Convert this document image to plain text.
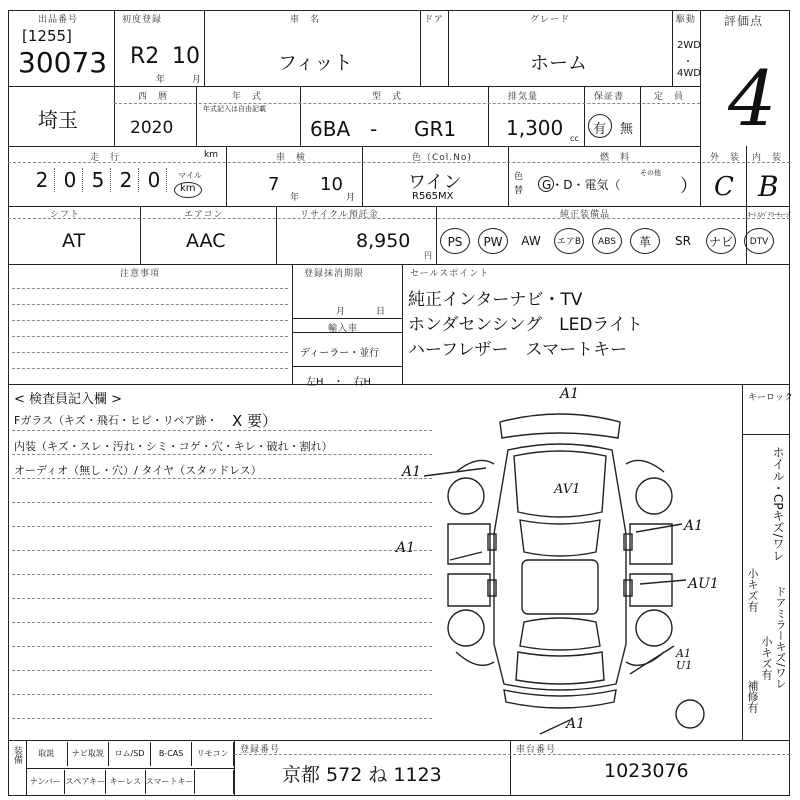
出品番号
[1255]
30073
初度登録
R2 10
年	月
車　名
フィット
ドア	グレード
ホーム
駆動
2WD
・
4WD
評価点
4
埼玉
西　暦
2020
年　式
年式記入は自由記載
型　式
6BA - GR1
排気量
1,300 cc
保証書
有 無
定　員
走　行
2 0 5 2 0	マイル
km
km	車　検
7
年
10
月
色（Col.No)
ワイン
R565MX
色
替
燃　料
G・D・電気（
その他
）
外　装 内　装
C B
シフト
AT
エアコン
AAC
リサイクル預託金
8,950
円
純正装備品
PS	PW	AW	エアB	ABS	革	SR	ナビ	DTV
ｷｰﾚｽ/ﾊﾞﾃﾘｰﾁｪｰｼﾞ
注意事項	登録抹消期限
月	日
輸入車
ディーラー・並行
左H　・　右H
セールスポイント
純正インターナビ・TV
ホンダセンシング　LEDライト
ハーフレザー　スマートキー
< 検査員記入欄 >
Fガラス（キズ・飛石・ヒビ・リペア跡・ X 要）
内装（キズ・スレ・汚れ・シミ・コゲ・穴・キレ・破れ・割れ）
オーディオ（無し・穴）/ タイヤ（スタッドレス）
キーロック
ホイル・CPキズ/ワレ
小キズ有 ドアミラーキズ/ワレ
小キズ有
補修有
A1
AV1
A1
A1
A1
AU1
A1
U1
A1
装備	取説	ナビ取説	ロム/SD	B-CAS	リモコン
ナンバー スペアキー キーレス スマートキー
登録番号
京都 572 ね 1123
車台番号
1023076
